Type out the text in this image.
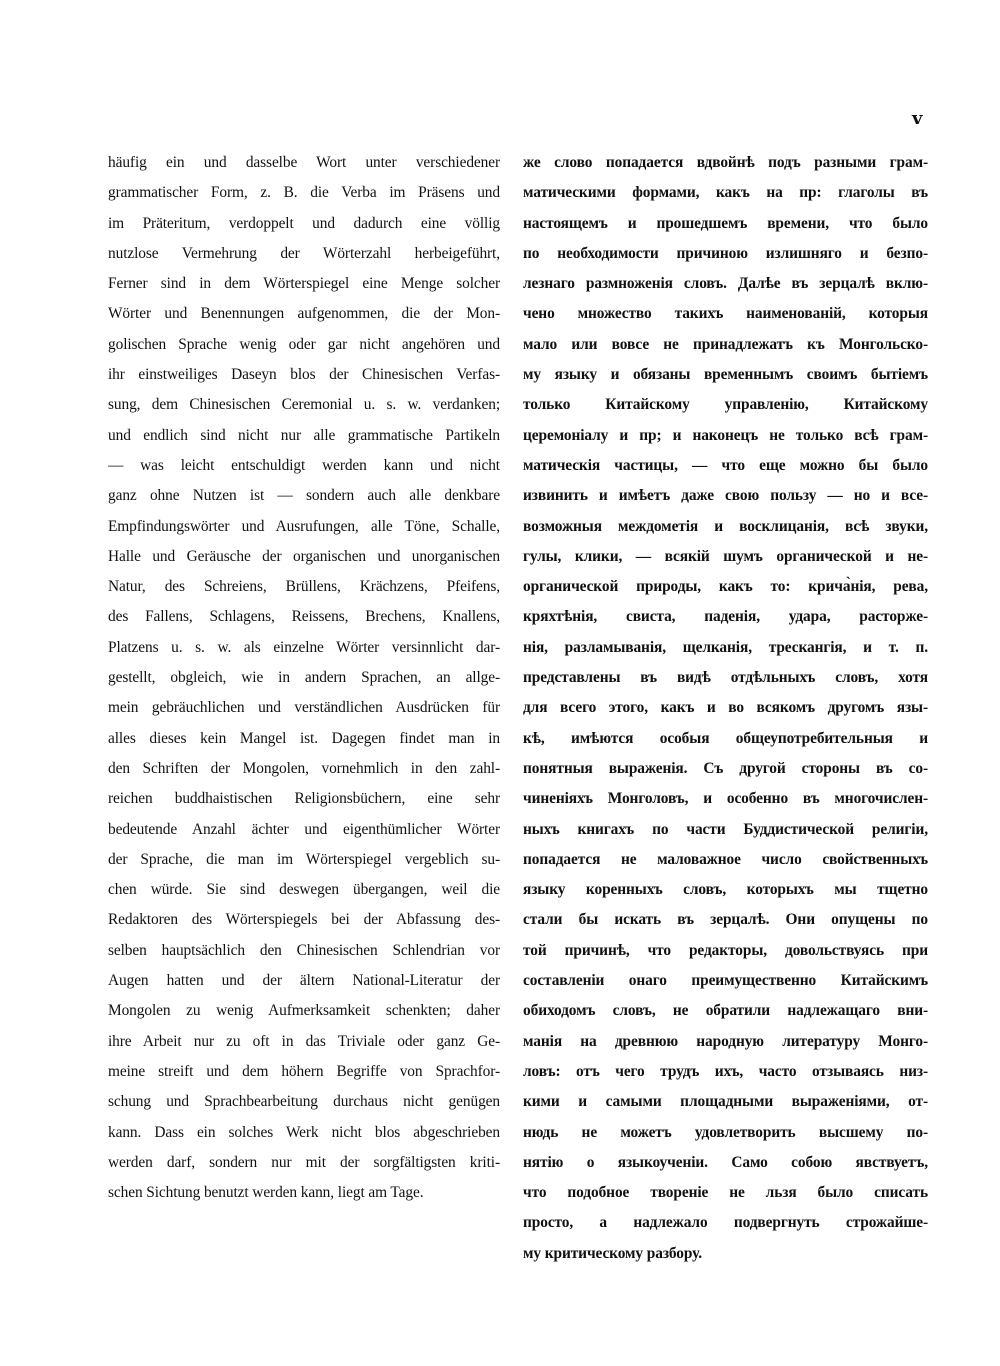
v
häufig ein und dasselbe Wort unter verschiedener
grammatischer Form, z. B. die Verba im Präsens und
im Präteritum, verdoppelt und dadurch eine völlig
nutzlose Vermehrung der Wörterzahl herbeigeführt,
Ferner sind in dem Wörterspiegel eine Menge solcher
Wörter und Benennungen aufgenommen, die der Mon-
golischen Sprache wenig oder gar nicht angehören und
ihr einstweiliges Daseyn blos der Chinesischen Verfas-
sung, dem Chinesischen Ceremonial u. s. w. verdanken;
und endlich sind nicht nur alle grammatische Partikeln
— was leicht entschuldigt werden kann und nicht
ganz ohne Nutzen ist — sondern auch alle denkbare
Empfindungswörter und Ausrufungen, alle Töne, Schalle,
Halle und Geräusche der organischen und unorganischen
Natur, des Schreiens, Brüllens, Krächzens, Pfeifens,
des Fallens, Schlagens, Reissens, Brechens, Knallens,
Platzens u. s. w. als einzelne Wörter versinnlicht dar-
gestellt, obgleich, wie in andern Sprachen, an allge-
mein gebräuchlichen und verständlichen Ausdrücken für
alles dieses kein Mangel ist. Dagegen findet man in
den Schriften der Mongolen, vornehmlich in den zahl-
reichen buddhaistischen Religionsbüchern, eine sehr
bedeutende Anzahl ächter und eigenthümlicher Wörter
der Sprache, die man im Wörterspiegel vergeblich su-
chen würde. Sie sind deswegen übergangen, weil die
Redaktoren des Wörterspiegels bei der Abfassung des-
selben hauptsächlich den Chinesischen Schlendrian vor
Augen hatten und der ältern National-Literatur der
Mongolen zu wenig Aufmerksamkeit schenkten; daher
ihre Arbeit nur zu oft in das Triviale oder ganz Ge-
meine streift und dem höhern Begriffe von Sprachfor-
schung und Sprachbearbeitung durchaus nicht genügen
kann. Dass ein solches Werk nicht blos abgeschrieben
werden darf, sondern nur mit der sorgfältigsten kriti-
schen Sichtung benutzt werden kann, liegt am Tage.
же слово попадается вдвойнѣ подъ разными грам-
матическими формами, какъ на пр: глаголы въ
настоящемъ и прошедшемъ времени, что было
по необходимости причиною излишняго и безпо-
лезнаго размноженія словъ. Далѣе въ зерцалѣ вклю-
чено множество такихъ наименованій, которыя
мало или вовсе не принадлежатъ къ Монгольско-
му языку и обязаны временнымъ своимъ бытіемъ
только Китайскому управленію, Китайскому
церемоніалу и пр; и наконецъ не только всѣ грам-
матическія частицы, — что еще можно бы было
извинить и имѣетъ даже свою пользу — но и все-
возможныя междометія и восклицанія, всѣ звуки,
гулы, клики, — всякій шумъ органической и не-
органической природы, какъ то: крича̀нія, рева,
кряхтѣнія, свиста, паденія, удара, расторже-
нія, разламыванія, щелканія, трескангія, и т. п.
представлены въ видѣ отдѣльныхъ словъ, хотя
для всего этого, какъ и во всякомъ другомъ язы-
кѣ, имѣются особыя общеупотребительныя и
понятныя выраженія. Съ другой стороны въ со-
чиненіяхъ Монголовъ, и особенно въ многочислен-
ныхъ книгахъ по части Буддистической религіи,
попадается не маловажное число свойственныхъ
языку коренныхъ словъ, которыхъ мы тщетно
стали бы искать въ зерцалѣ. Они опущены по
той причинѣ, что редакторы, довольствуясь при
составленіи онаго преимущественно Китайскимъ
обиходомъ словъ, не обратили надлежащаго вни-
манія на древнюю народную литературу Монго-
ловъ: отъ чего трудъ ихъ, часто отзываясь низ-
кими и самыми площадными выраженіями, от-
нюдь не можетъ удовлетворить высшему по-
нятію о языкоученіи. Само собою явствуетъ,
что подобное твореніе не льзя было списать
просто, а надлежало подвергнуть строжайше-
му критическому разбору.
